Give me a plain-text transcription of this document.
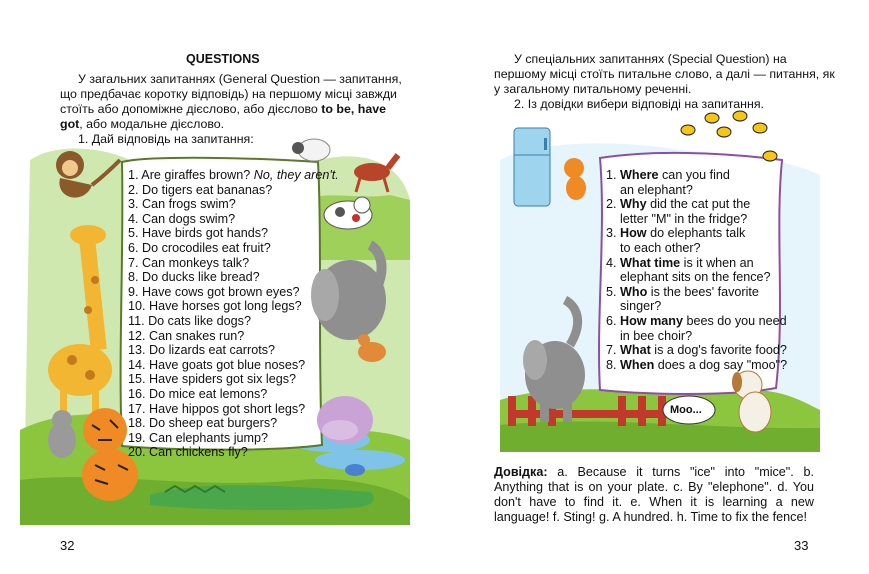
QUESTIONS
У загальних запитаннях (General Question — запитання,
що предбачає коротку відповідь) на першому місці завжди
стоїть або допоміжне дієслово, або дієслово to be, have
got, або модальне дієслово.
1. Дай відповідь на запитання:
1. Are giraffes brown? No, they aren't.
2. Do tigers eat bananas?
3. Can frogs swim?
4. Can dogs swim?
5. Have birds got hands?
6. Do crocodiles eat fruit?
7. Can monkeys talk?
8. Do ducks like bread?
9. Have cows got brown eyes?
10. Have horses got long legs?
11. Do cats like dogs?
12. Can snakes run?
13. Do lizards eat carrots?
14. Have goats got blue noses?
15. Have spiders got six legs?
16. Do mice eat lemons?
17. Have hippos got short legs?
18. Do sheep eat burgers?
19. Can elephants jump?
20. Can chickens fly?
32
У спеціальних запитаннях (Special Question) на
першому місці стоїть питальне слово, а далі — питання, як
у загальному питальному реченні.
2. Із довідки вибери відповіді на запитання.
1. Where can you find
an elephant?
2. Why did the cat put the
letter "M" in the fridge?
3. How do elephants talk
to each other?
4. What time is it when an
elephant sits on the fence?
5. Who is the bees' favorite
singer?
6. How many bees do you need
in bee choir?
7. What is a dog's favorite food?
8. When does a dog say "moo"?
Moo...
Довідка: a. Because it turns "ice" into "mice". b. Anything that is on your plate. c. By "elephone". d. You don't have to find it. e. When it is learning a new language! f. Sting! g. A hundred. h. Time to fix the fence!
33
